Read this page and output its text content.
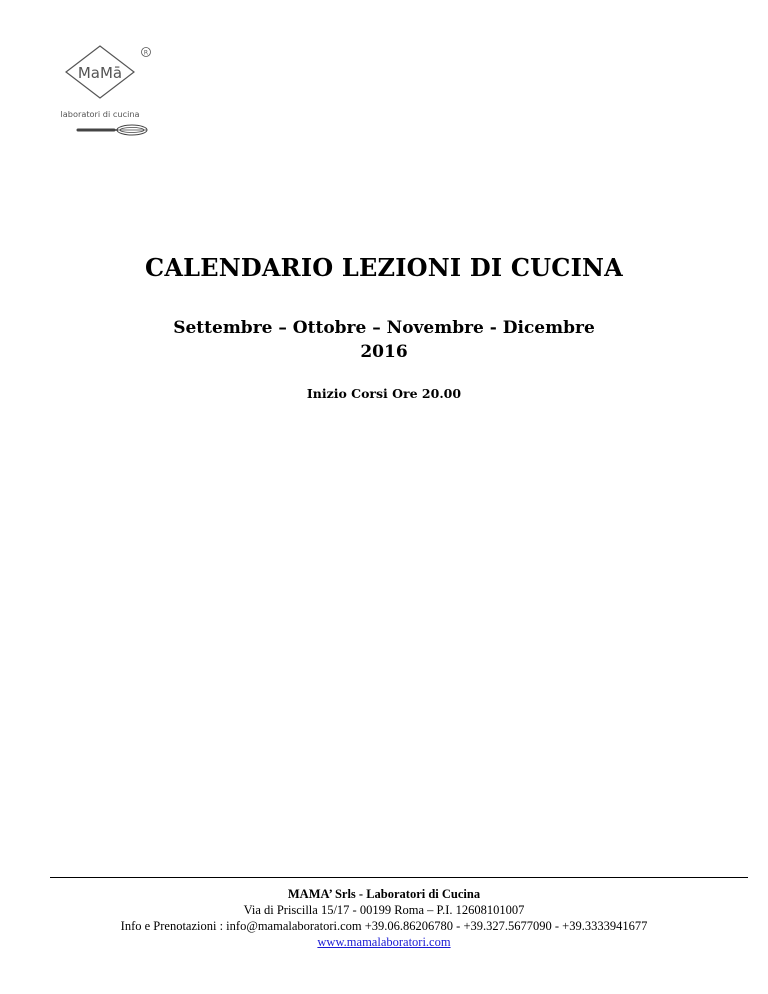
R
MaMā
laboratori di cucina
CALENDARIO LEZIONI DI CUCINA
Settembre – Ottobre – Novembre - Dicembre
2016
Inizio Corsi Ore 20.00
MAMA’ Srls - Laboratori di Cucina
Via di Priscilla 15/17 - 00199 Roma – P.I. 12608101007
Info e Prenotazioni : info@mamalaboratori.com +39.06.86206780 - +39.327.5677090 - +39.3333941677
www.mamalaboratori.com
